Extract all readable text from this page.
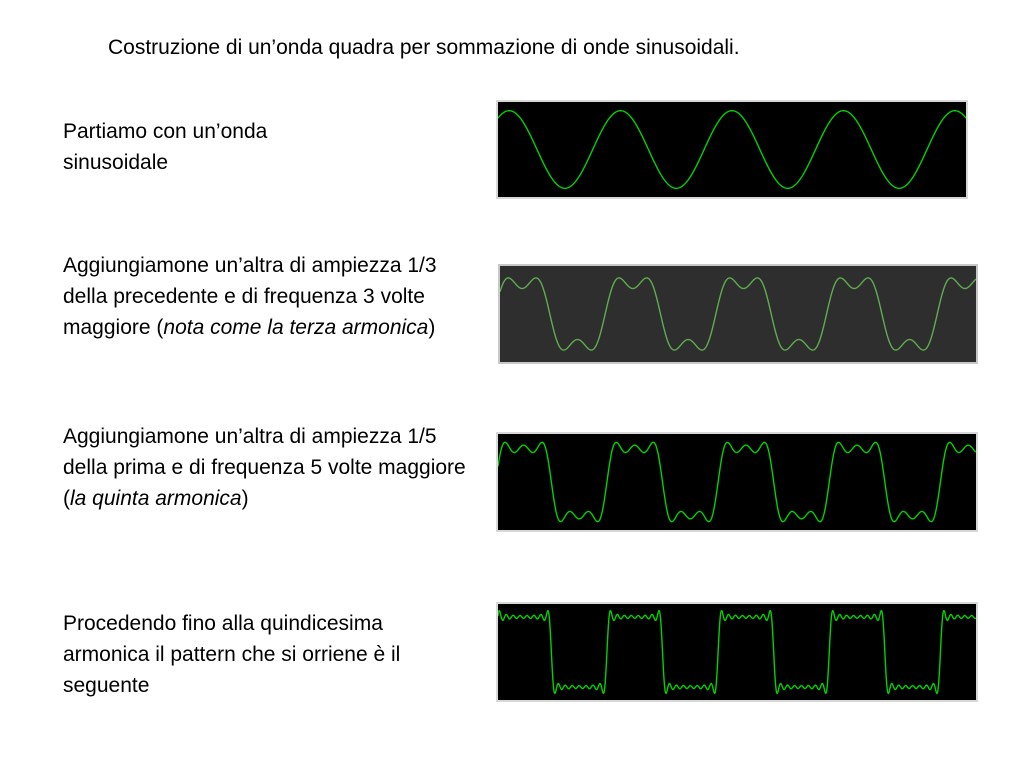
Costruzione di un’onda quadra per sommazione di onde sinusoidali.
Partiamo con un’onda sinusoidale
Aggiungiamone un’altra di ampiezza 1/3 della precedente e di frequenza 3 volte maggiore (nota come la terza armonica)
Aggiungiamone un’altra di ampiezza 1/5 della prima e di frequenza 5 volte maggiore (la quinta armonica)
Procedendo fino alla quindicesima armonica il pattern che si orriene è il seguente
